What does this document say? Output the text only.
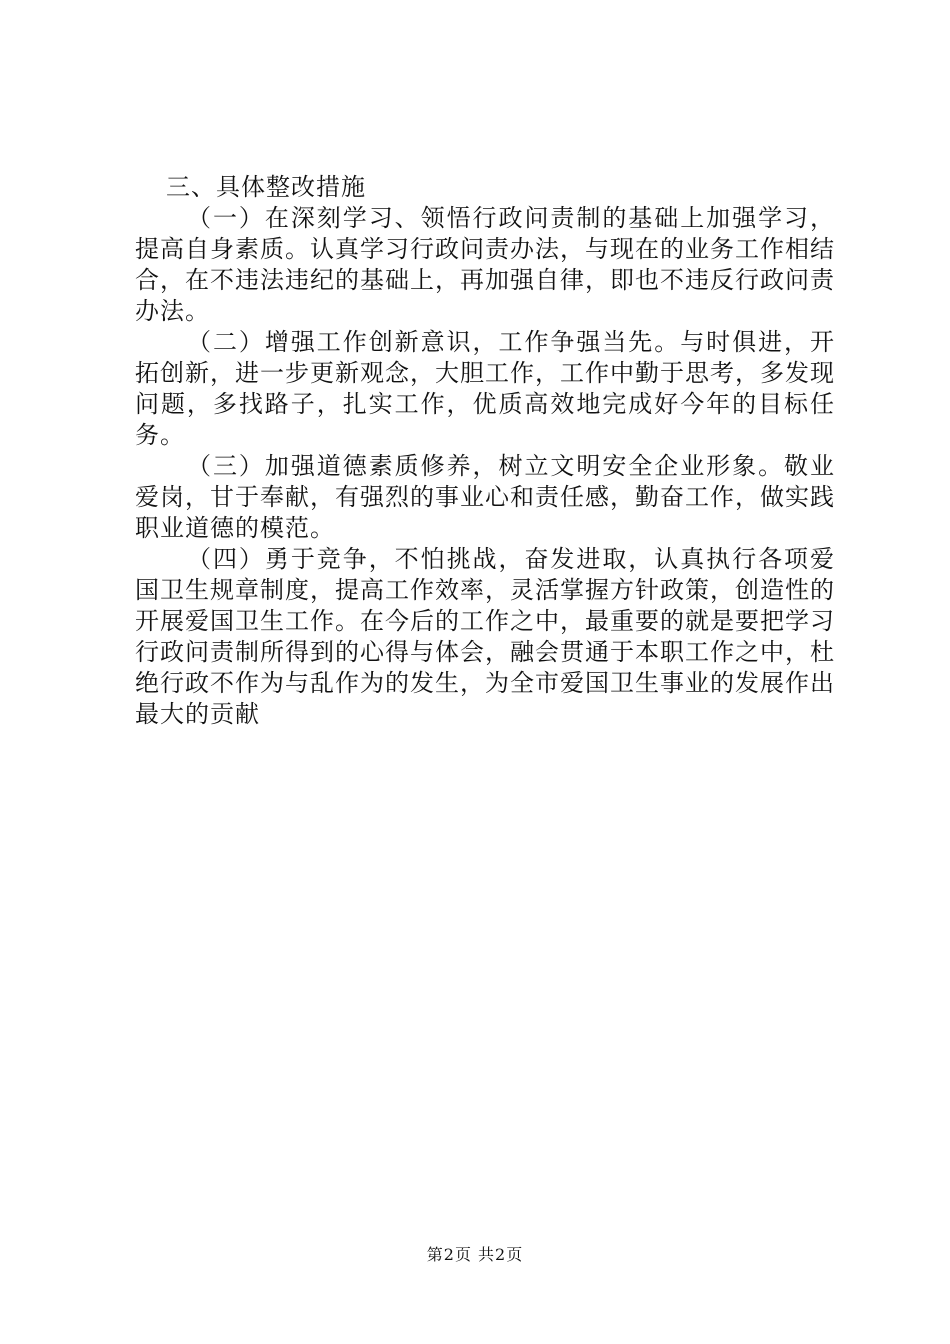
三、具体整改措施

（一）在深刻学习、领悟行政问责制的基础上加强学习，提高自身素质。认真学习行政问责办法，与现在的业务工作相结合，在不违法违纪的基础上，再加强自律，即也不违反行政问责办法。

（二）增强工作创新意识，工作争强当先。与时俱进，开拓创新，进一步更新观念，大胆工作，工作中勤于思考，多发现问题，多找路子，扎实工作，优质高效地完成好今年的目标任务。

（三）加强道德素质修养，树立文明安全企业形象。敬业爱岗，甘于奉献，有强烈的事业心和责任感，勤奋工作，做实践职业道德的模范。

（四）勇于竞争，不怕挑战，奋发进取，认真执行各项爱国卫生规章制度，提高工作效率，灵活掌握方针政策，创造性的开展爱国卫生工作。在今后的工作之中，最重要的就是要把学习行政问责制所得到的心得与体会，融会贯通于本职工作之中，杜绝行政不作为与乱作为的发生，为全市爱国卫生事业的发展作出最大的贡献

第2页 共2页
